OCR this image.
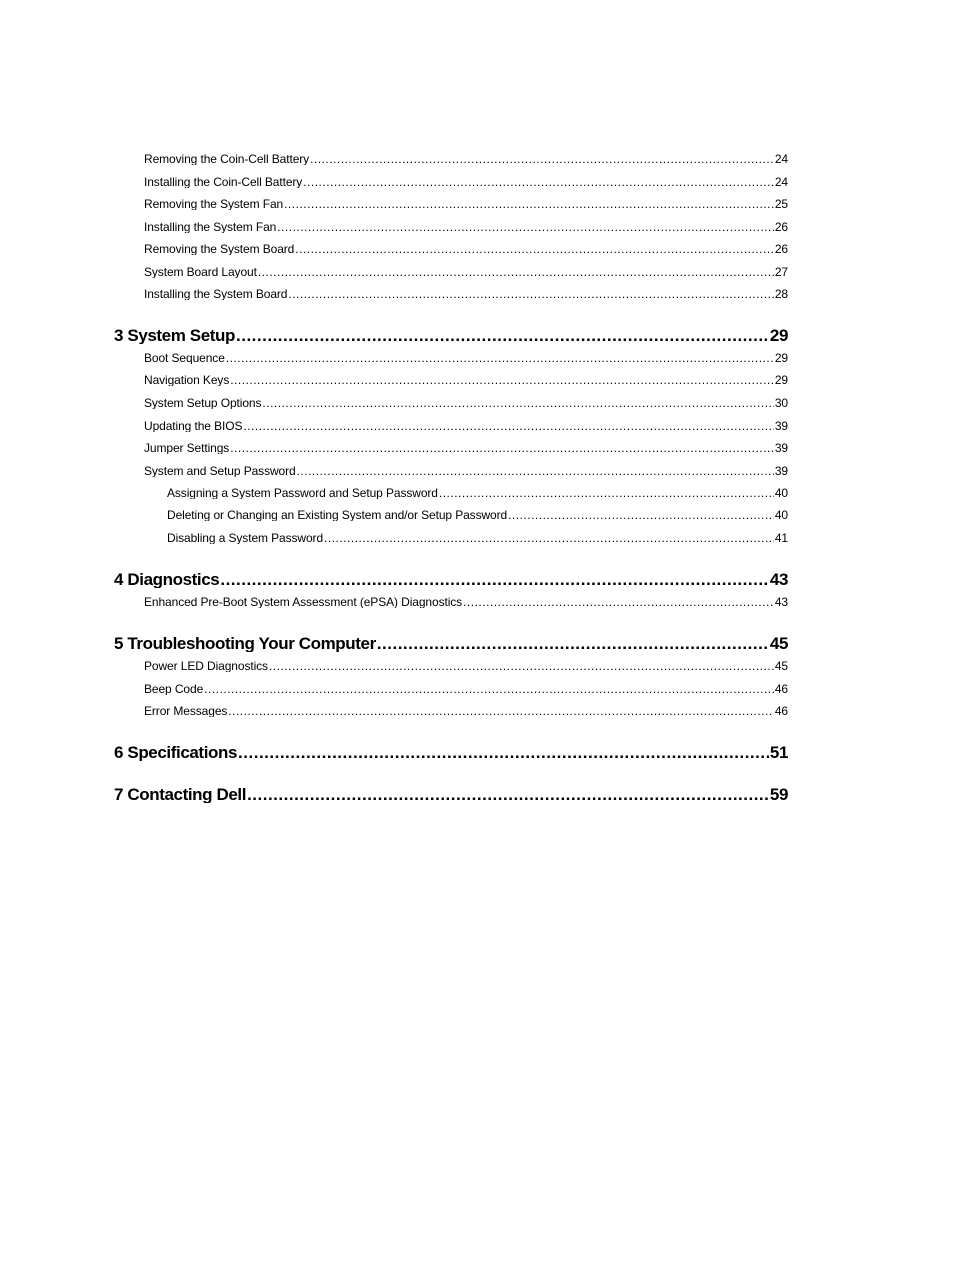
Removing the Coin-Cell Battery .....	24
Installing the Coin-Cell Battery .....	24
Removing the System Fan .....	25
Installing the System Fan .....	26
Removing the System Board .....	26
System Board Layout .....	27
Installing the System Board .....	28
3 System Setup .....	29
Boot Sequence .....	29
Navigation Keys .....	29
System Setup Options .....	30
Updating the BIOS .....	39
Jumper Settings .....	39
System and Setup Password .....	39
Assigning a System Password and Setup Password .....	40
Deleting or Changing an Existing System and/or Setup Password .....	40
Disabling a System Password .....	41
4 Diagnostics .....	43
Enhanced Pre-Boot System Assessment (ePSA) Diagnostics .....	43
5 Troubleshooting Your Computer .....	45
Power LED Diagnostics .....	45
Beep Code .....	46
Error Messages .....	46
6 Specifications .....	51
7 Contacting Dell .....	59
